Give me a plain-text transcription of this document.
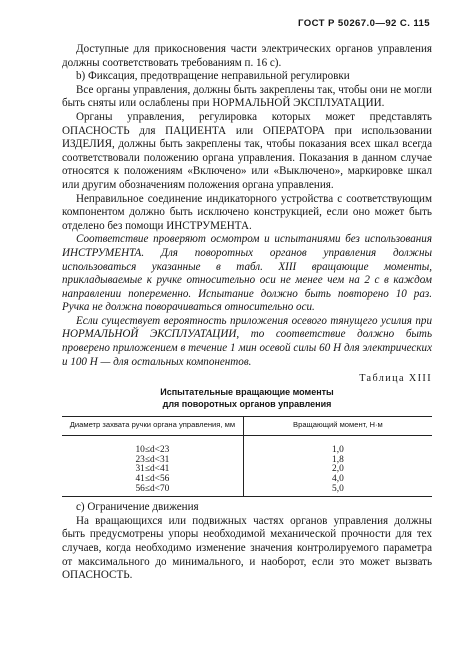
ГОСТ Р 50267.0—92 С. 115

Доступные для прикосновения части электрических органов управления должны соответствовать требованиям п. 16 с).

b) Фиксация, предотвращение неправильной регулировки

Все органы управления, должны быть закреплены так, чтобы они не могли быть сняты или ослаблены при НОРМАЛЬНОЙ ЭКСПЛУАТАЦИИ.

Органы управления, регулировка которых может представлять ОПАСНОСТЬ для ПАЦИЕНТА или ОПЕРАТОРА при использовании ИЗДЕЛИЯ, должны быть закреплены так, чтобы показания всех шкал всегда соответствовали положению органа управления. Показания в данном случае относятся к положениям «Включено» или «Выключено», маркировке шкал или другим обозначениям положения органа управления.

Неправильное соединение индикаторного устройства с соответствующим компонентом должно быть исключено конструкцией, если оно может быть отделено без помощи ИНСТРУМЕНТА.

Соответствие проверяют осмотром и испытаниями без использования ИНСТРУМЕНТА. Для поворотных органов управления должны использоваться указанные в табл. XIII вращающие моменты, прикладываемые к ручке относительно оси не менее чем на 2 с в каждом направлении попеременно. Испытание должно быть повторено 10 раз. Ручка не должна поворачиваться относительно оси.

Если существует вероятность приложения осевого тянущего усилия при НОРМАЛЬНОЙ ЭКСПЛУАТАЦИИ, то соответствие должно быть проверено приложением в течение 1 мин осевой силы 60 Н для электрических и 100 Н — для остальных компонентов.

Таблица XIII
Испытательные вращающие моменты
для поворотных органов управления
Диаметр захвата ручки органа управления, мм	Вращающий момент, Н·м
10≤d<23	1,0
23≤d<31	1,8
31≤d<41	2,0
41≤d<56	4,0
56≤d<70	5,0

c) Ограничение движения

На вращающихся или подвижных частях органов управления должны быть предусмотрены упоры необходимой механической прочности для тех случаев, когда необходимо изменение значения контролируемого параметра от максимального до минимального, и наоборот, если это может вызвать ОПАСНОСТЬ.
